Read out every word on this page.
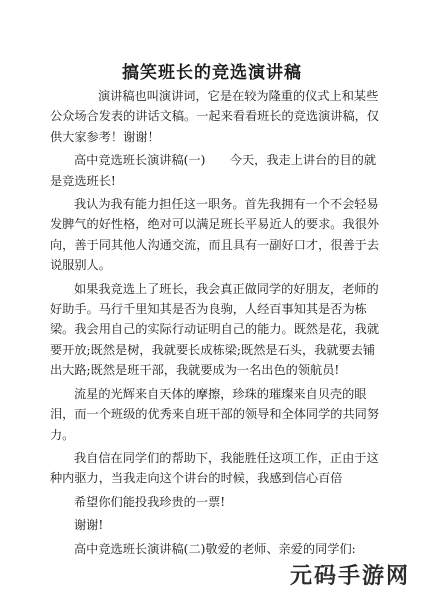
搞笑班长的竞选演讲稿

演讲稿也叫演讲词，它是在较为隆重的仪式上和某些公众场合发表的讲话文稿。一起来看看班长的竞选演讲稿，仅供大家参考！谢谢！

高中竞选班长演讲稿(一)　　今天，我走上讲台的目的就是竞选班长!

我认为我有能力担任这一职务。首先我拥有一个不会轻易发脾气的好性格，绝对可以满足班长平易近人的要求。我很外向，善于同其他人沟通交流，而且具有一副好口才，很善于去说服别人。

如果我竞选上了班长，我会真正做同学的好朋友，老师的好助手。马行千里知其是否为良驹，人经百事知其是否为栋梁。我会用自己的实际行动证明自己的能力。既然是花，我就要开放;既然是树，我就要长成栋梁;既然是石头，我就要去铺出大路;既然是班干部，我就要成为一名出色的领航员!

流星的光辉来自天体的摩擦，珍珠的璀璨来自贝壳的眼泪，而一个班级的优秀来自班干部的领导和全体同学的共同努力。

我自信在同学们的帮助下，我能胜任这项工作，正由于这种内驱力，当我走向这个讲台的时候，我感到信心百倍

希望你们能投我珍贵的一票!

谢谢!

高中竞选班长演讲稿(二)敬爱的老师、亲爱的同学们:

元码手游网
